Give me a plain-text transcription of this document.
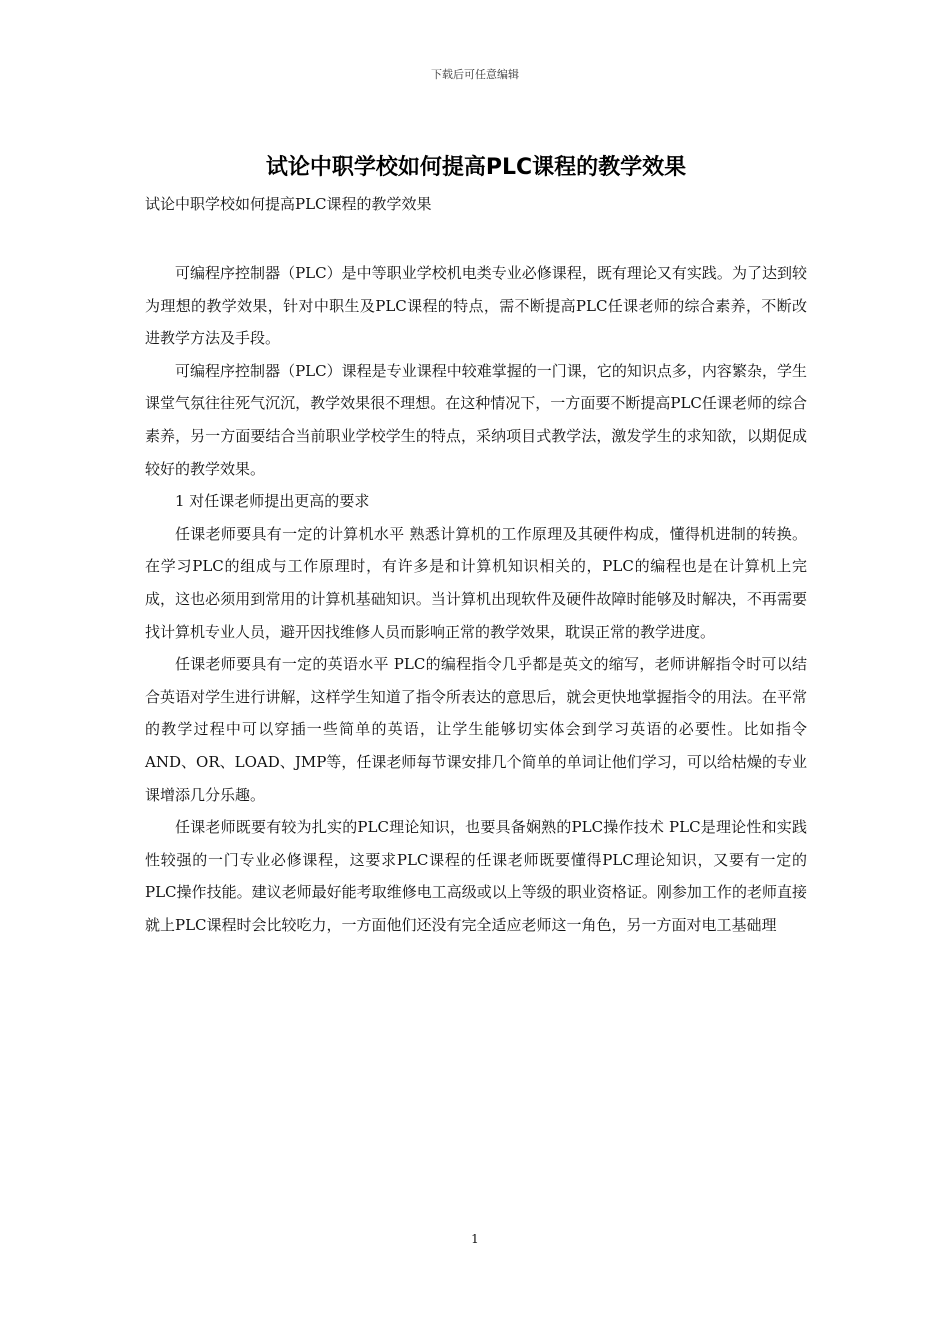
下载后可任意编辑
试论中职学校如何提高PLC课程的教学效果

试论中职学校如何提高PLC课程的教学效果

可编程序控制器（PLC）是中等职业学校机电类专业必修课程，既有理论又有实践。为了达到较为理想的教学效果，针对中职生及PLC课程的特点，需不断提高PLC任课老师的综合素养，不断改进教学方法及手段。

可编程序控制器（PLC）课程是专业课程中较难掌握的一门课，它的知识点多，内容繁杂，学生课堂气氛往往死气沉沉，教学效果很不理想。在这种情况下，一方面要不断提高PLC任课老师的综合素养，另一方面要结合当前职业学校学生的特点，采纳项目式教学法，激发学生的求知欲，以期促成较好的教学效果。

1 对任课老师提出更高的要求

任课老师要具有一定的计算机水平 熟悉计算机的工作原理及其硬件构成，懂得机进制的转换。在学习PLC的组成与工作原理时，有许多是和计算机知识相关的，PLC的编程也是在计算机上完成，这也必须用到常用的计算机基础知识。当计算机出现软件及硬件故障时能够及时解决，不再需要找计算机专业人员，避开因找维修人员而影响正常的教学效果，耽误正常的教学进度。

任课老师要具有一定的英语水平 PLC的编程指令几乎都是英文的缩写，老师讲解指令时可以结合英语对学生进行讲解，这样学生知道了指令所表达的意思后，就会更快地掌握指令的用法。在平常的教学过程中可以穿插一些简单的英语，让学生能够切实体会到学习英语的必要性。比如指令AND、OR、LOAD、JMP等，任课老师每节课安排几个简单的单词让他们学习，可以给枯燥的专业课增添几分乐趣。

任课老师既要有较为扎实的PLC理论知识，也要具备娴熟的PLC操作技术 PLC是理论性和实践性较强的一门专业必修课程，这要求PLC课程的任课老师既要懂得PLC理论知识，又要有一定的PLC操作技能。建议老师最好能考取维修电工高级或以上等级的职业资格证。刚参加工作的老师直接就上PLC课程时会比较吃力，一方面他们还没有完全适应老师这一角色，另一方面对电工基础理

1
